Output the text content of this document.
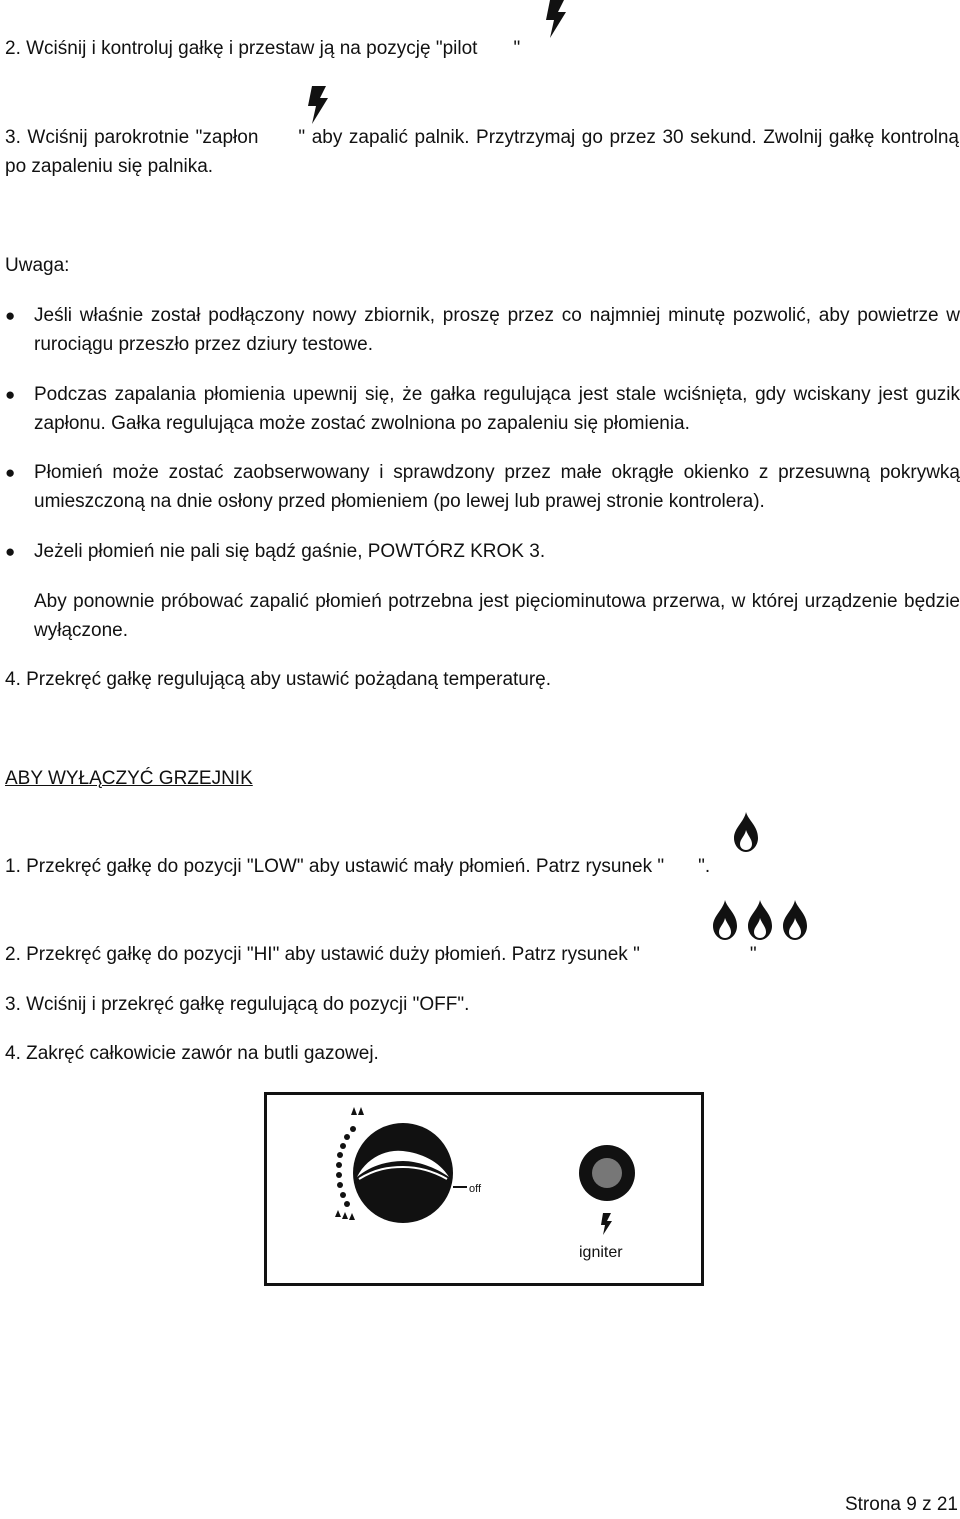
2. Wciśnij i kontroluj gałkę i przestaw ją na pozycję "pilot "
3. Wciśnij parokrotnie "zapłon " aby zapalić palnik. Przytrzymaj go przez 30 sekund. Zwolnij gałkę kontrolną po zapaleniu się palnika.
Uwaga:
● Jeśli właśnie został podłączony nowy zbiornik, proszę przez co najmniej minutę pozwolić, aby powietrze w rurociągu przeszło przez dziury testowe.
● Podczas zapalania płomienia upewnij się, że gałka regulująca jest stale wciśnięta, gdy wciskany jest guzik zapłonu. Gałka regulująca może zostać zwolniona po zapaleniu się płomienia.
● Płomień może zostać zaobserwowany i sprawdzony przez małe okrągłe okienko z przesuwną pokrywką umieszczoną na dnie osłony przed płomieniem (po lewej lub prawej stronie kontrolera).
● Jeżeli płomień nie pali się bądź gaśnie, POWTÓRZ KROK 3.
Aby ponownie próbować zapalić płomień potrzebna jest pięciominutowa przerwa, w której urządzenie będzie wyłączone.
4. Przekręć gałkę regulującą aby ustawić pożądaną temperaturę.
ABY WYŁĄCZYĆ GRZEJNIK
1. Przekręć gałkę do pozycji "LOW" aby ustawić mały płomień. Patrz rysunek " ".
2. Przekręć gałkę do pozycji "HI" aby ustawić duży płomień. Patrz rysunek "	"
3. Wciśnij i przekręć gałkę regulującą do pozycji "OFF".
4. Zakręć całkowicie zawór na butli gazowej.
off
igniter
Strona 9 z 21
